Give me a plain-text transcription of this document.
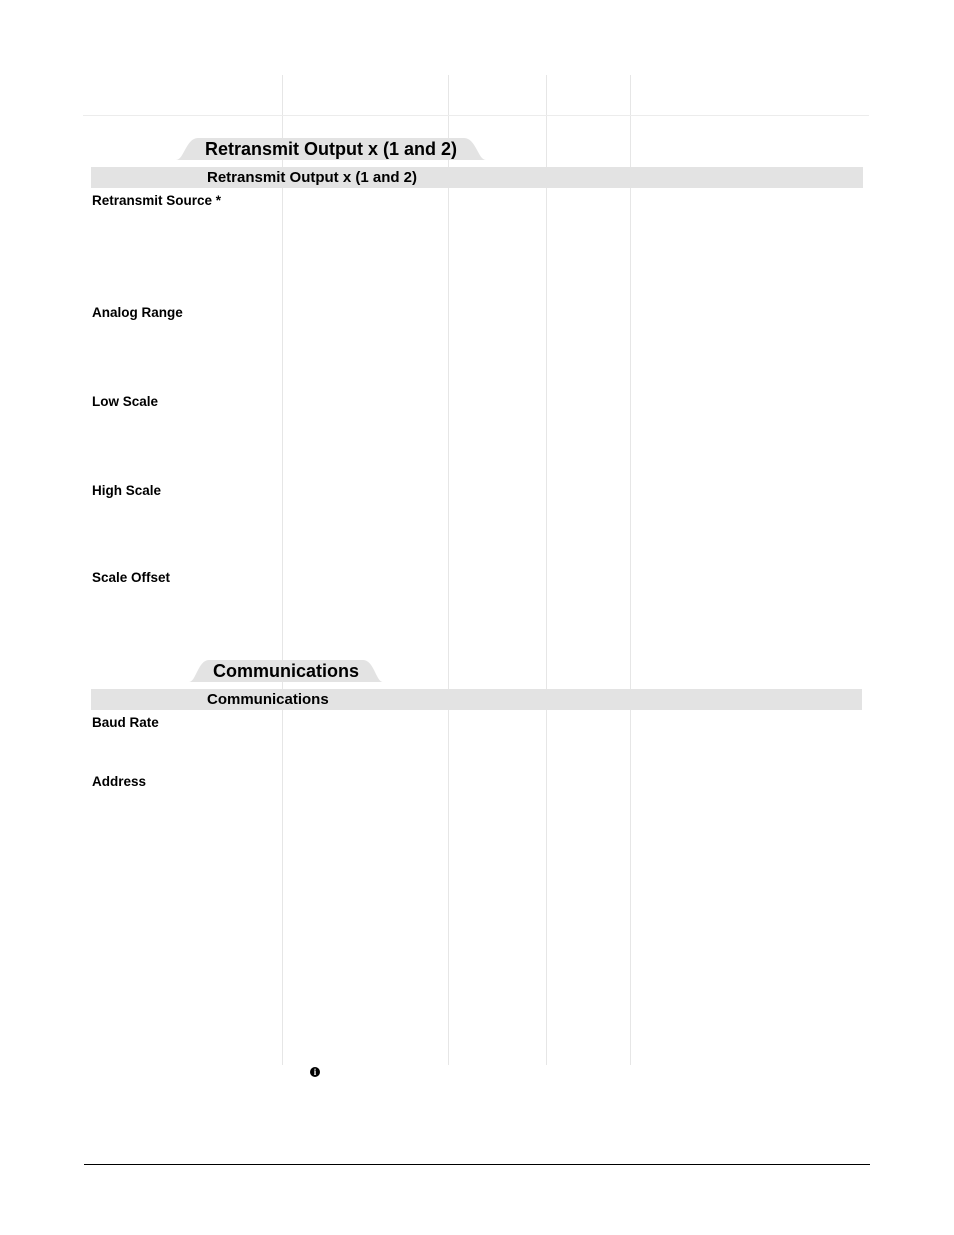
Retransmit Output x (1 and 2)
Retransmit Output x (1 and 2)
Retransmit Source *
Analog Range
Low Scale
High Scale
Scale Offset
Communications
Communications
Baud Rate
Address
i
